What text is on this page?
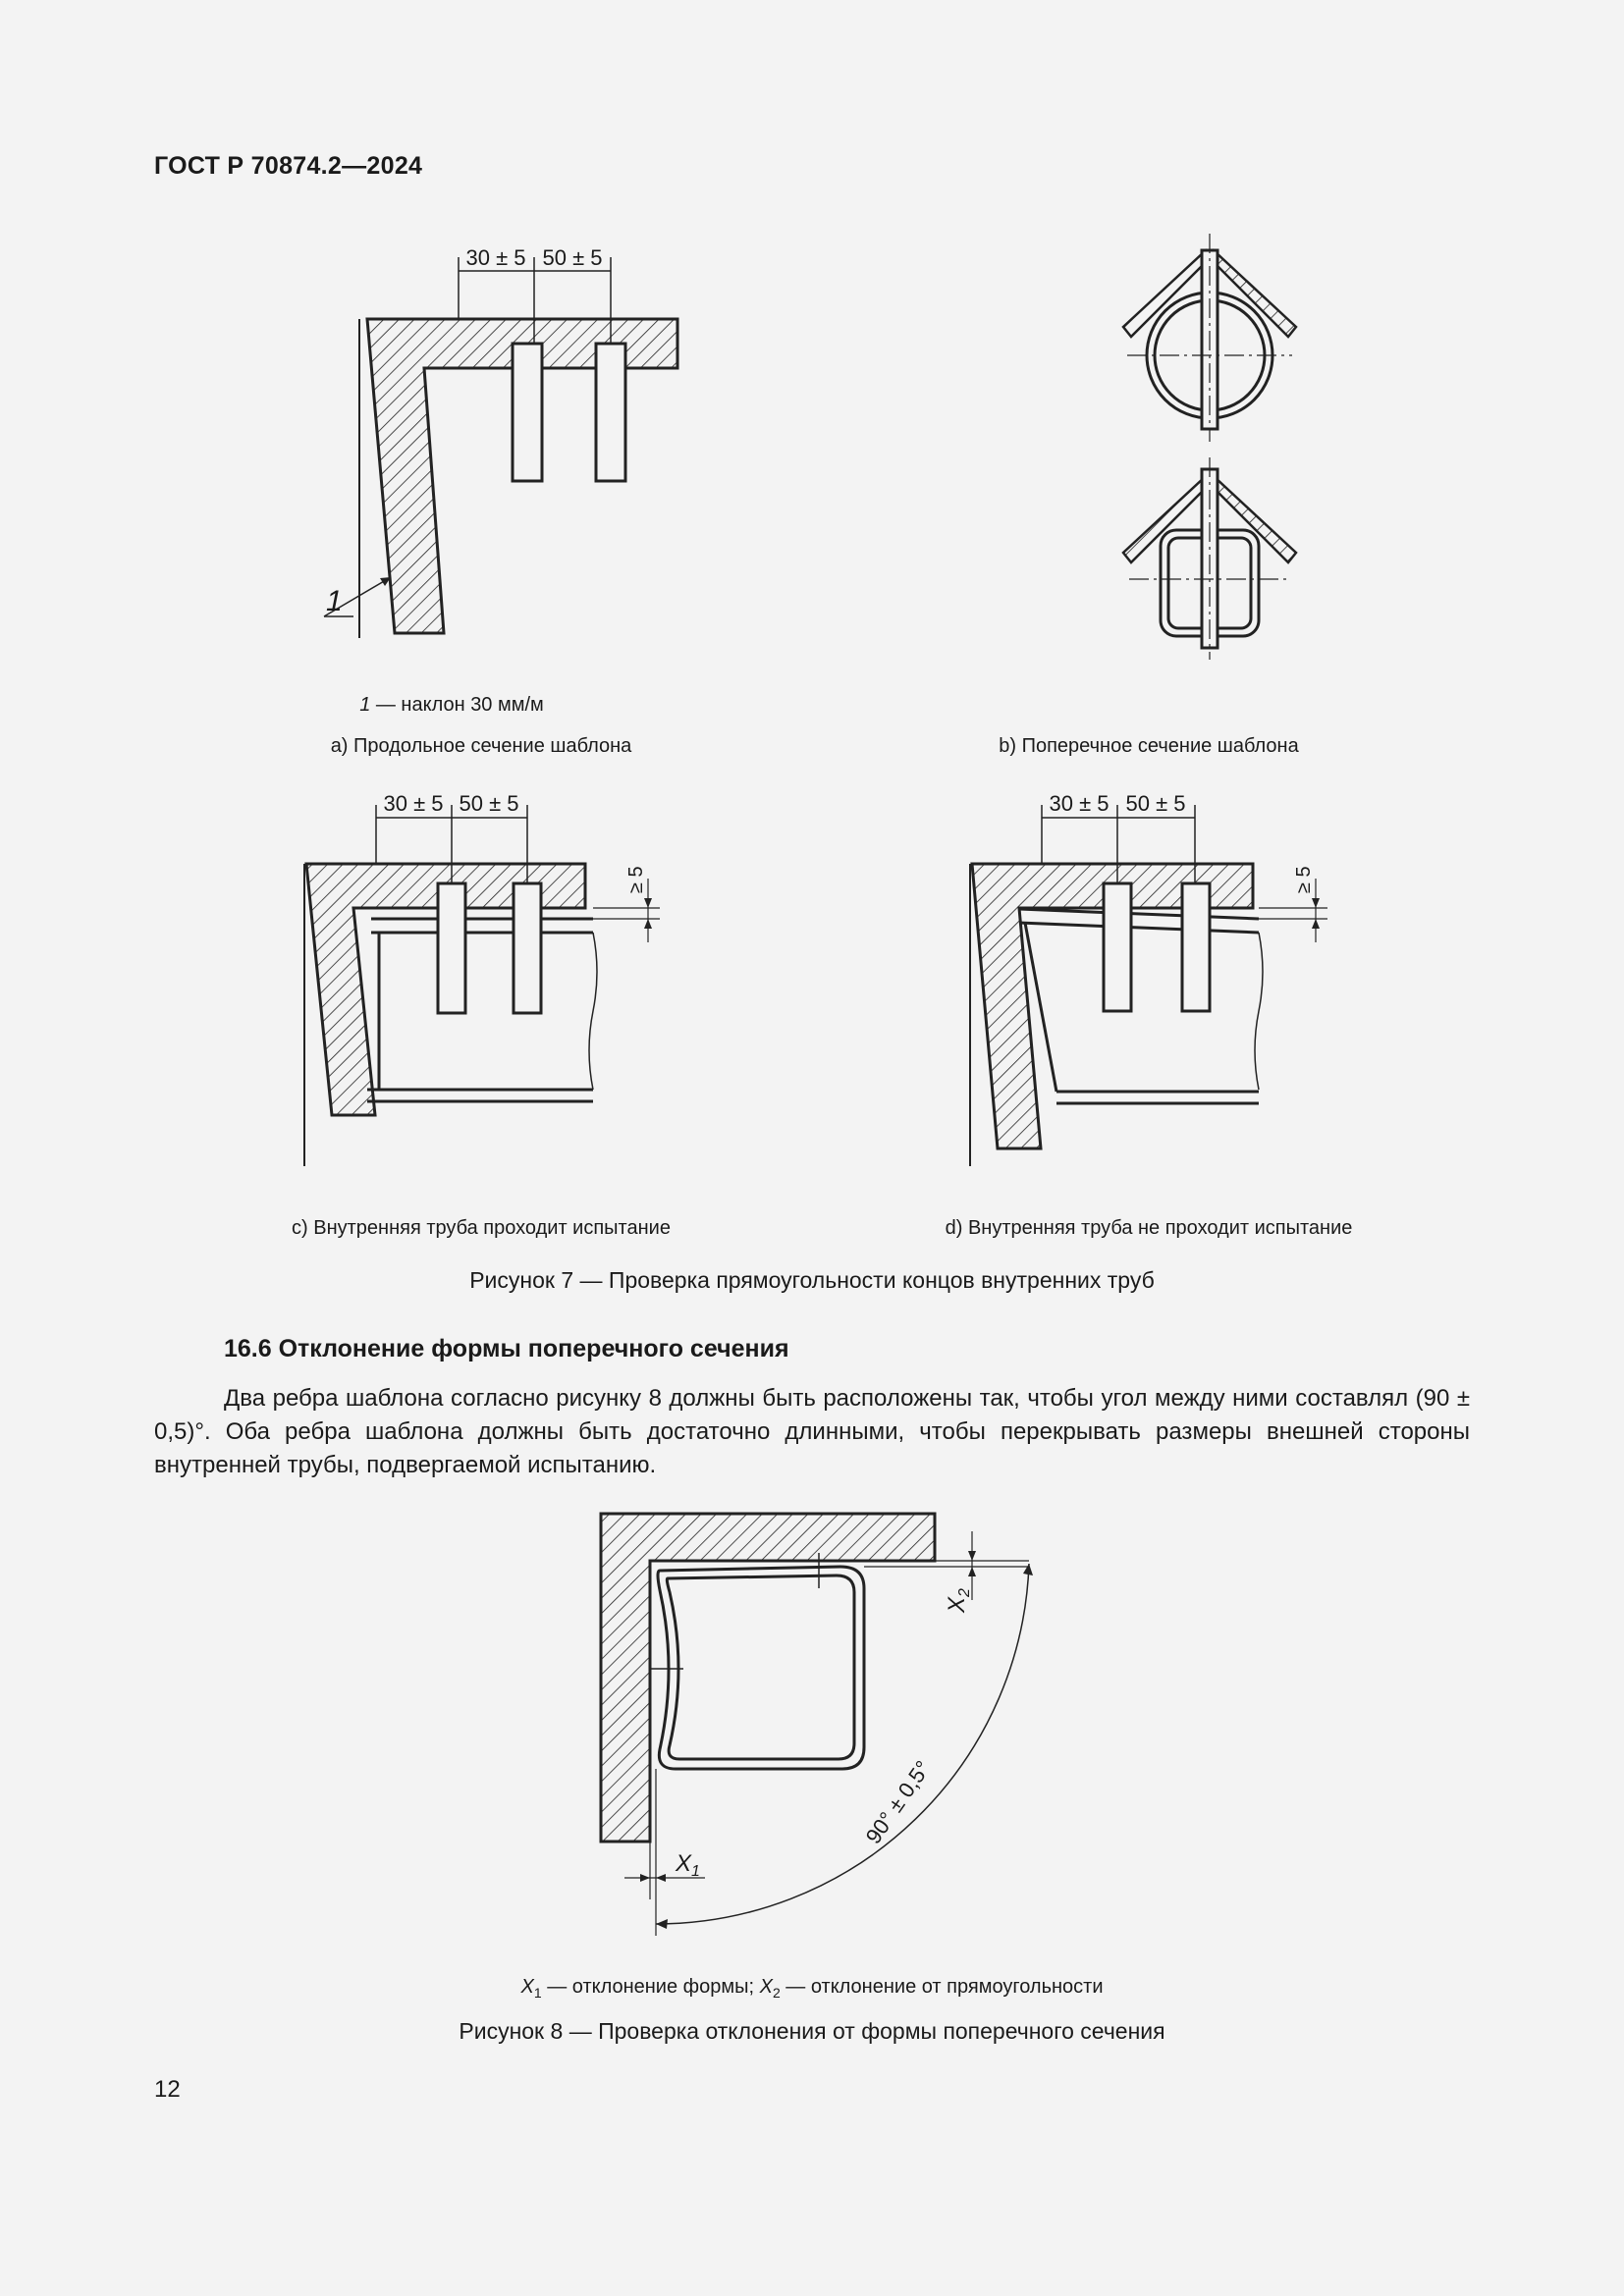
ГОСТ Р 70874.2—2024
30 ± 5 50 ± 5
1
1 — наклон 30 мм/м
a) Продольное сечение шаблона	b) Поперечное сечение шаблона
30 ± 5 50 ± 5
≥ 5
30 ± 5 50 ± 5
≥ 5
c) Внутренняя труба проходит испытание	d) Внутренняя труба не проходит испытание
Рисунок 7 — Проверка прямоугольности концов внутренних труб
16.6 Отклонение формы поперечного сечения
Два ребра шаблона согласно рисунку 8 должны быть расположены так, чтобы угол между ними составлял (90 ± 0,5)°. Оба ребра шаблона должны быть достаточно длинными, чтобы перекрывать размеры внешней стороны внутренней трубы, подвергаемой испытанию.
$X_2$
$X_1$
90° ± 0,5°
$X_1$ — отклонение формы; $X_2$ — отклонение от прямоугольности
Рисунок 8 — Проверка отклонения от формы поперечного сечения
12
